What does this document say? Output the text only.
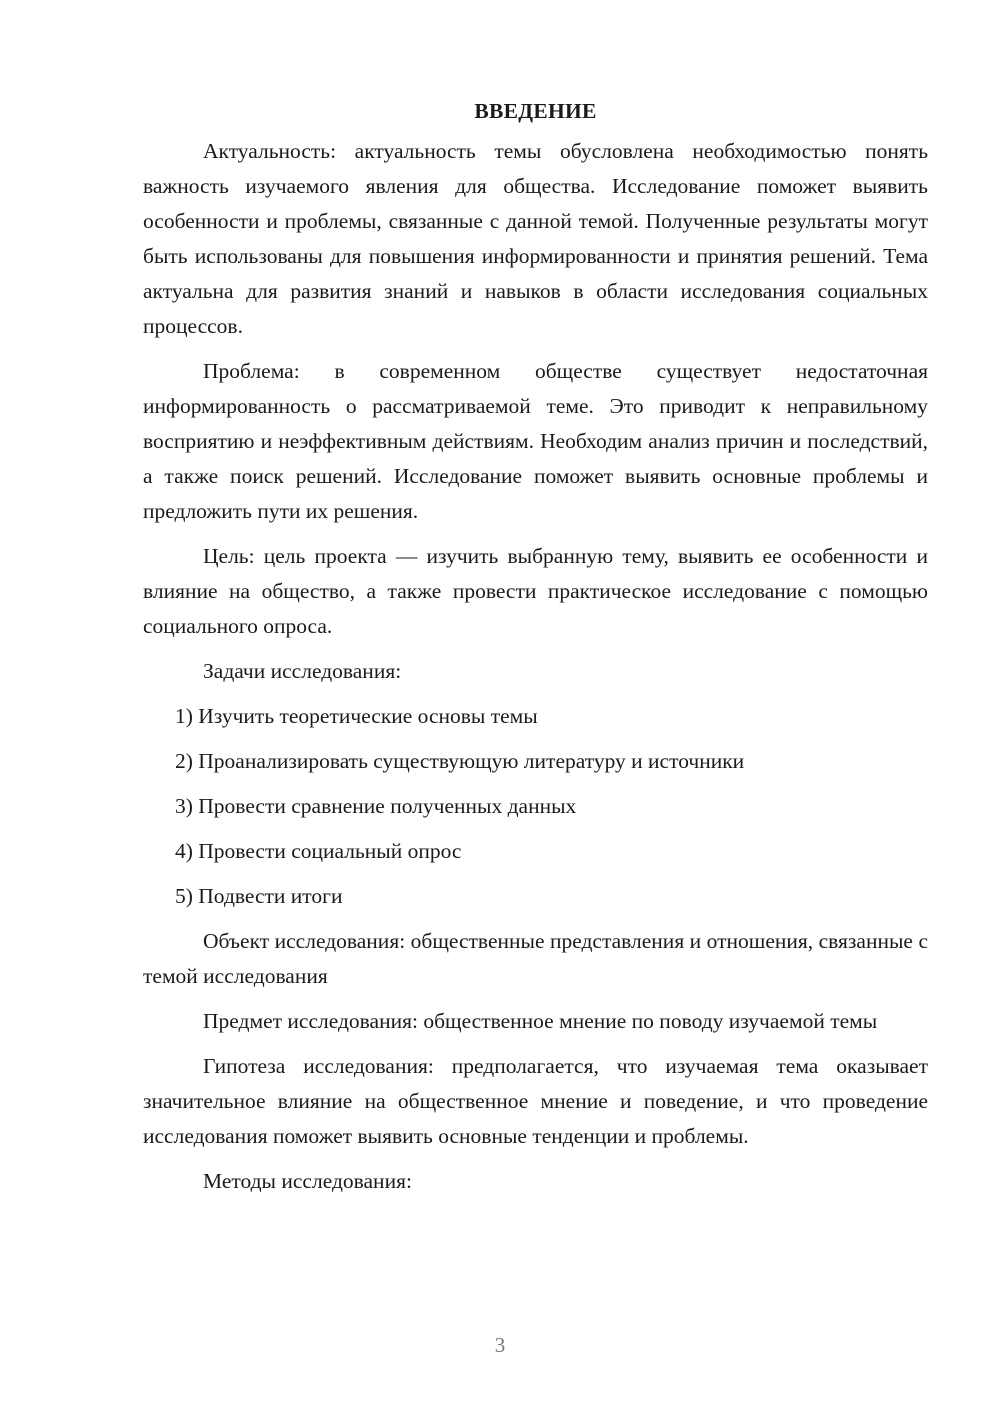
ВВЕДЕНИЕ

Актуальность: актуальность темы обусловлена необходимостью понять важность изучаемого явления для общества. Исследование поможет выявить особенности и проблемы, связанные с данной темой. Полученные результаты могут быть использованы для повышения информированности и принятия решений. Тема актуальна для развития знаний и навыков в области исследования социальных процессов.

Проблема: в современном обществе существует недостаточная информированность о рассматриваемой теме. Это приводит к неправильному восприятию и неэффективным действиям. Необходим анализ причин и последствий, а также поиск решений. Исследование поможет выявить основные проблемы и предложить пути их решения.

Цель: цель проекта — изучить выбранную тему, выявить ее особенности и влияние на общество, а также провести практическое исследование с помощью социального опроса.

Задачи исследования:

1) Изучить теоретические основы темы
2) Проанализировать существующую литературу и источники
3) Провести сравнение полученных данных
4) Провести социальный опрос
5) Подвести итоги

Объект исследования: общественные представления и отношения, связанные с темой исследования

Предмет исследования: общественное мнение по поводу изучаемой темы

Гипотеза исследования: предполагается, что изучаемая тема оказывает значительное влияние на общественное мнение и поведение, и что проведение исследования поможет выявить основные тенденции и проблемы.

Методы исследования:

3
